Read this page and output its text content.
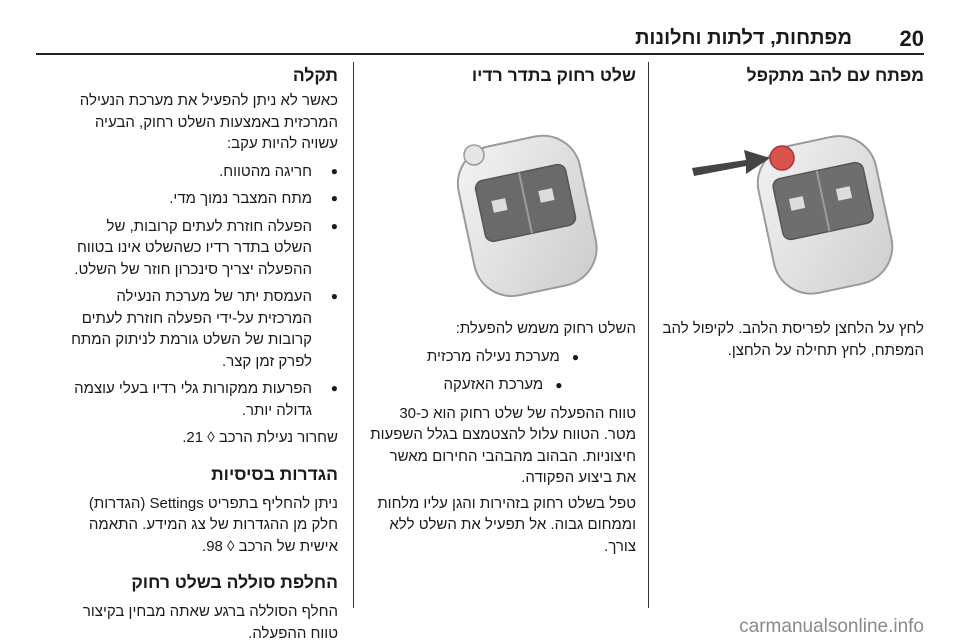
20
מפתחות, דלתות וחלונות
מפתח עם להב מתקפל

לחץ על הלחצן לפריסת הלהב. לקיפול להב המפתח, לחץ תחילה על הלחצן.

שלט רחוק בתדר רדיו

השלט רחוק משמש להפעלת:

● מערכת נעילה מרכזית
● מערכת האזעקה

טווח ההפעלה של שלט רחוק הוא כ-30 מטר. הטווח עלול להצטמצם בגלל השפעות חיצוניות. הבהוב מהבהבי החירום מאשר את ביצוע הפקודה.

טפל בשלט רחוק בזהירות והגן עליו מלחות וממחום גבוה. אל תפעיל את השלט ללא צורך.

תקלה

כאשר לא ניתן להפעיל את מערכת הנעילה המרכזית באמצעות השלט רחוק, הבעיה עשויה להיות עקב:

● חריגה מהטווח.
● מתח המצבר נמוך מדי.
● הפעלה חוזרת לעתים קרובות, של השלט בתדר רדיו כשהשלט אינו בטווח ההפעלה יצריך סינכרון חוזר של השלט.
● העמסת יתר של מערכת הנעילה המרכזית על-ידי הפעלה חוזרת לעתים קרובות של השלט גורמת לניתוק המתח לפרק זמן קצר.
● הפרעות ממקורות גלי רדיו בעלי עוצמה גדולה יותר.

שחרור נעילת הרכב ◊ 21.

הגדרות בסיסיות

ניתן להחליף בתפריט Settings (הגדרות) חלק מן ההגדרות של צג המידע. התאמה אישית של הרכב ◊ 98.

החלפת סוללה בשלט רחוק

החלף הסוללה ברגע שאתה מבחין בקיצור טווח ההפעלה.	carmanualsonline.info
